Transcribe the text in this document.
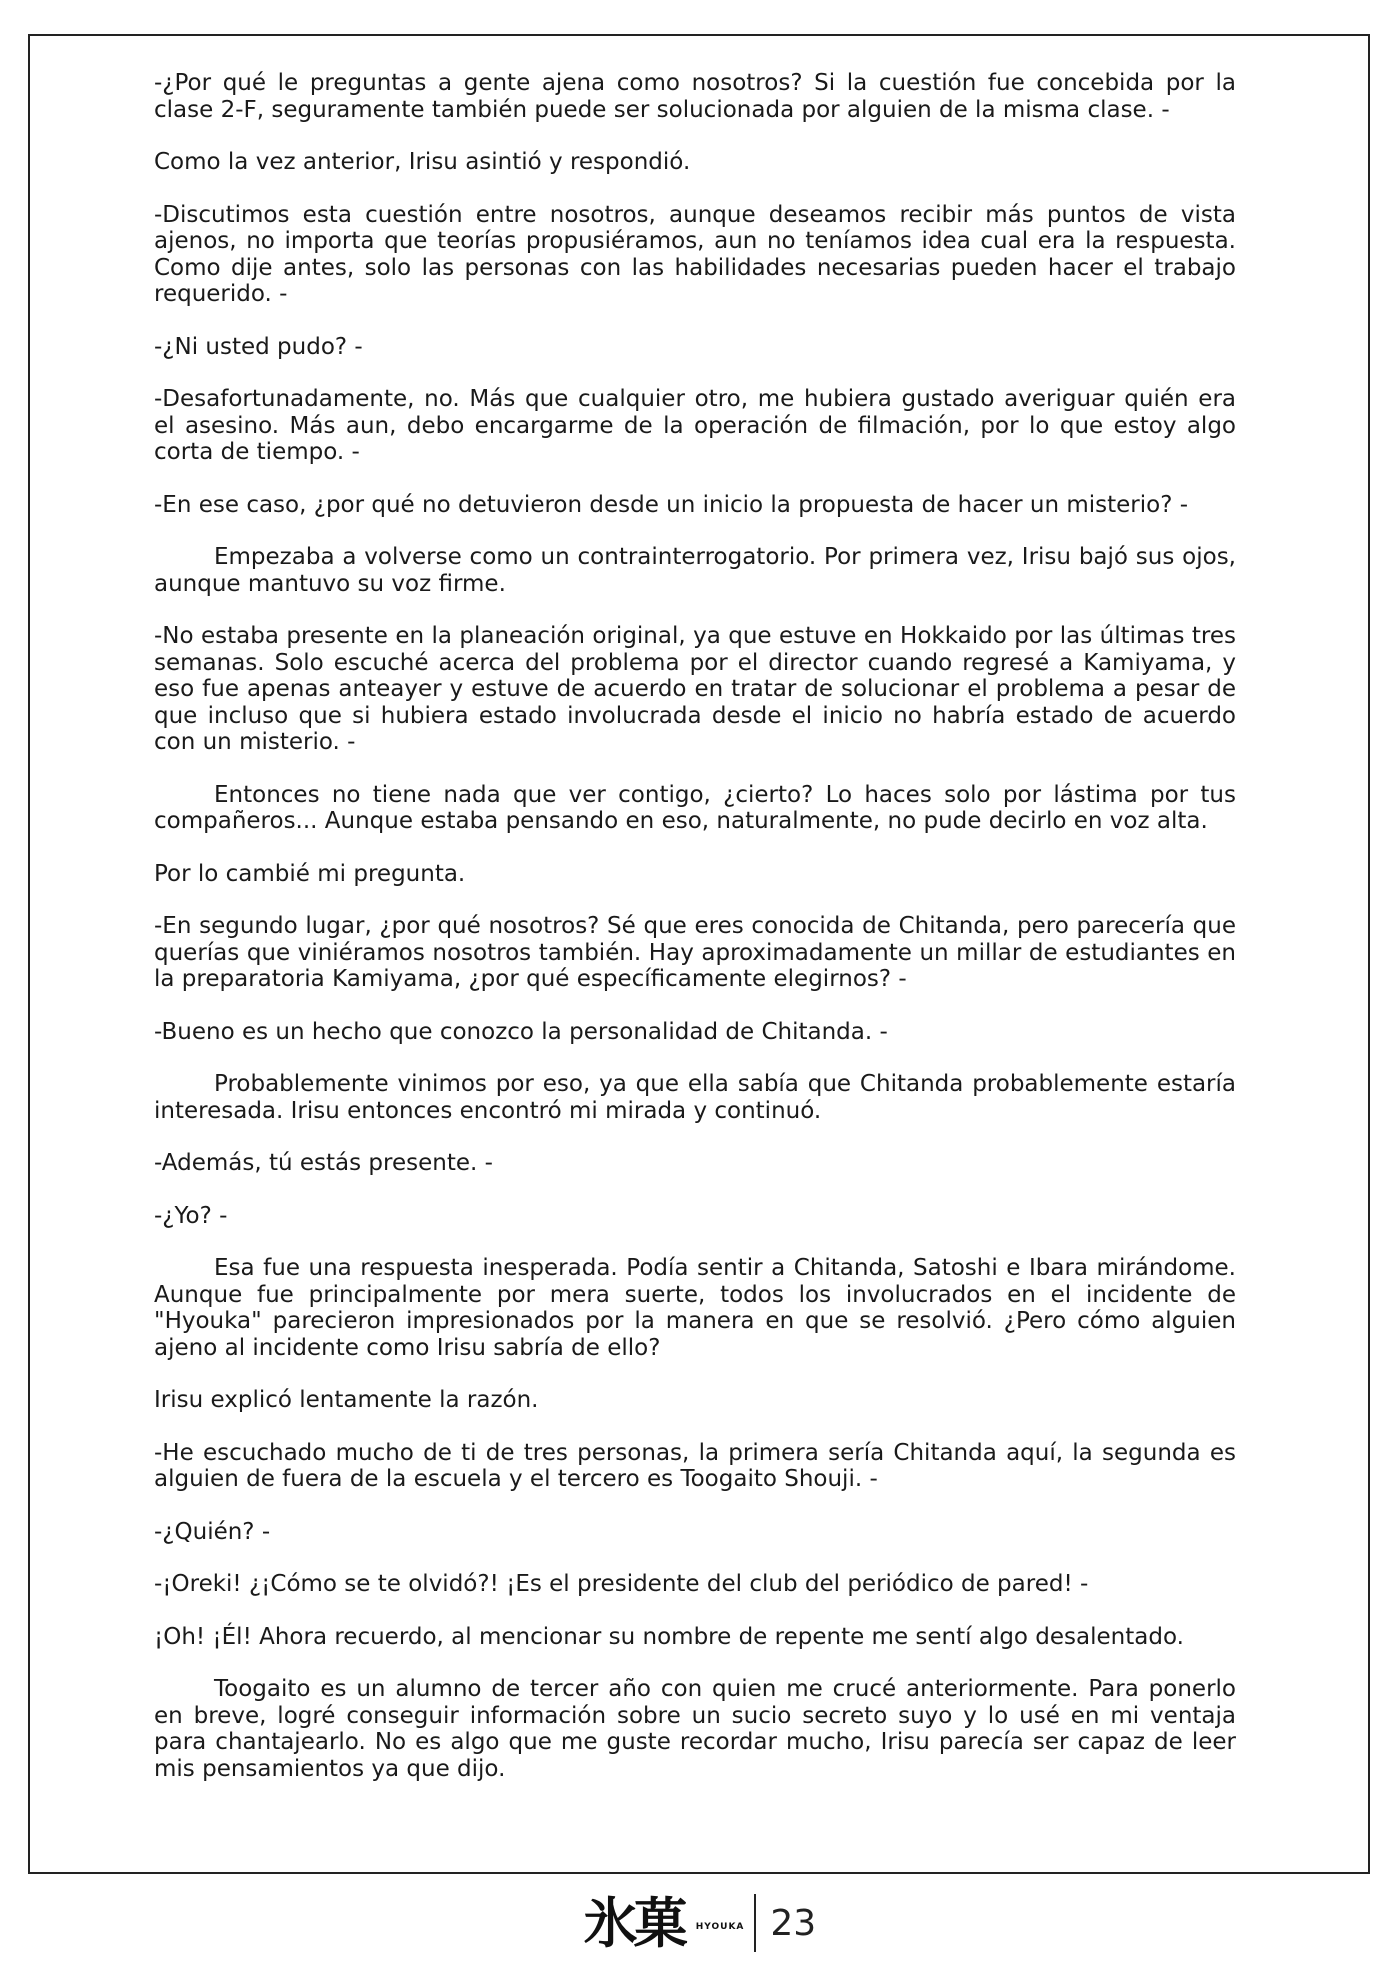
-¿Por qué le preguntas a gente ajena como nosotros? Si la cuestión fue concebida por la clase 2-F, seguramente también puede ser solucionada por alguien de la misma clase. -

Como la vez anterior, Irisu asintió y respondió.

-Discutimos esta cuestión entre nosotros, aunque deseamos recibir más puntos de vista ajenos, no importa que teorías propusiéramos, aun no teníamos idea cual era la respuesta. Como dije antes, solo las personas con las habilidades necesarias pueden hacer el trabajo requerido. -

-¿Ni usted pudo? -

-Desafortunadamente, no. Más que cualquier otro, me hubiera gustado averiguar quién era el asesino. Más aun, debo encargarme de la operación de filmación, por lo que estoy algo corta de tiempo. -

-En ese caso, ¿por qué no detuvieron desde un inicio la propuesta de hacer un misterio? -

Empezaba a volverse como un contrainterrogatorio. Por primera vez, Irisu bajó sus ojos, aunque mantuvo su voz firme.

-No estaba presente en la planeación original, ya que estuve en Hokkaido por las últimas tres semanas. Solo escuché acerca del problema por el director cuando regresé a Kamiyama, y eso fue apenas anteayer y estuve de acuerdo en tratar de solucionar el problema a pesar de que incluso que si hubiera estado involucrada desde el inicio no habría estado de acuerdo con un misterio. -

Entonces no tiene nada que ver contigo, ¿cierto? Lo haces solo por lástima por tus compañeros... Aunque estaba pensando en eso, naturalmente, no pude decirlo en voz alta.

Por lo cambié mi pregunta.

-En segundo lugar, ¿por qué nosotros? Sé que eres conocida de Chitanda, pero parecería que querías que viniéramos nosotros también. Hay aproximadamente un millar de estudiantes en la preparatoria Kamiyama, ¿por qué específicamente elegirnos? -

-Bueno es un hecho que conozco la personalidad de Chitanda. -

Probablemente vinimos por eso, ya que ella sabía que Chitanda probablemente estaría interesada. Irisu entonces encontró mi mirada y continuó.

-Además, tú estás presente. -

-¿Yo? -

Esa fue una respuesta inesperada. Podía sentir a Chitanda, Satoshi e Ibara mirándome. Aunque fue principalmente por mera suerte, todos los involucrados en el incidente de "Hyouka" parecieron impresionados por la manera en que se resolvió. ¿Pero cómo alguien ajeno al incidente como Irisu sabría de ello?

Irisu explicó lentamente la razón.

-He escuchado mucho de ti de tres personas, la primera sería Chitanda aquí, la segunda es alguien de fuera de la escuela y el tercero es Toogaito Shouji. -

-¿Quién? -

-¡Oreki! ¿¡Cómo se te olvidó?! ¡Es el presidente del club del periódico de pared! -

¡Oh! ¡Él! Ahora recuerdo, al mencionar su nombre de repente me sentí algo desalentado.

Toogaito es un alumno de tercer año con quien me crucé anteriormente. Para ponerlo en breve, logré conseguir información sobre un sucio secreto suyo y lo usé en mi ventaja para chantajearlo. No es algo que me guste recordar mucho, Irisu parecía ser capaz de leer mis pensamientos ya que dijo.

氷菓 HYOUKA 23
